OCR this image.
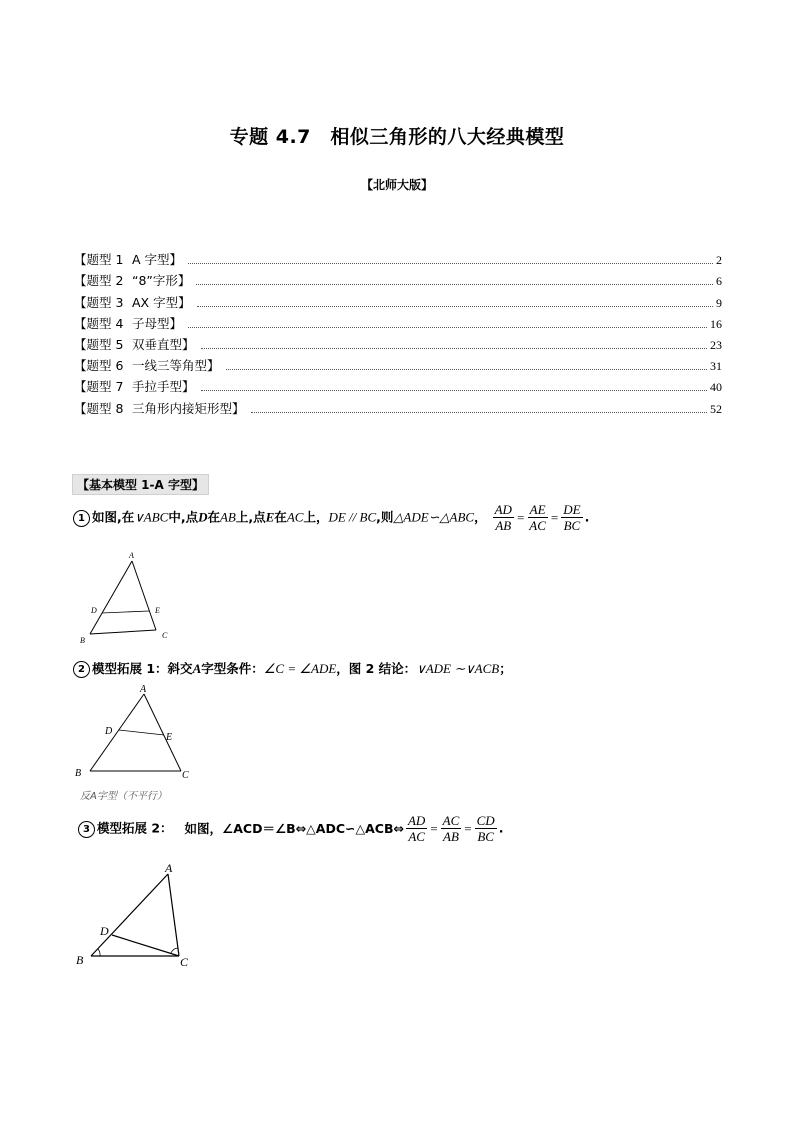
专题 4.7　相似三角形的八大经典模型
【北师大版】
【题型 1 A 字型】	2
【题型 2 “8”字形】	6
【题型 3 AX 字型】	9
【题型 4 子母型】	16
【题型 5 双垂直型】	23
【题型 6 一线三等角型】	31
【题型 7 手拉手型】	40
【题型 8 三角形内接矩形型】	52
【基本模型 1-A 字型】
1 如图,在∨ABC中,点D在AB上,点E在AC上，DE // BC,则△ADE∽△ABC， $\frac{AD}{AB} = \frac{AE}{AC} = \frac{DE}{BC}$ .
A
D	E
B
C
2 模型拓展 1：斜交A字型条件：∠C = ∠ADE，图 2 结论：∨ADE ∼∨ACB；
A
D
E
B	C
反A字型（不平行）
3 模型拓展 2： 如图，∠ACD＝∠B⇔△ADC∽△ACB⇔ $\frac{AD}{AC} = \frac{AC}{AB} = \frac{CD}{BC}$ .
A
D
B	C
